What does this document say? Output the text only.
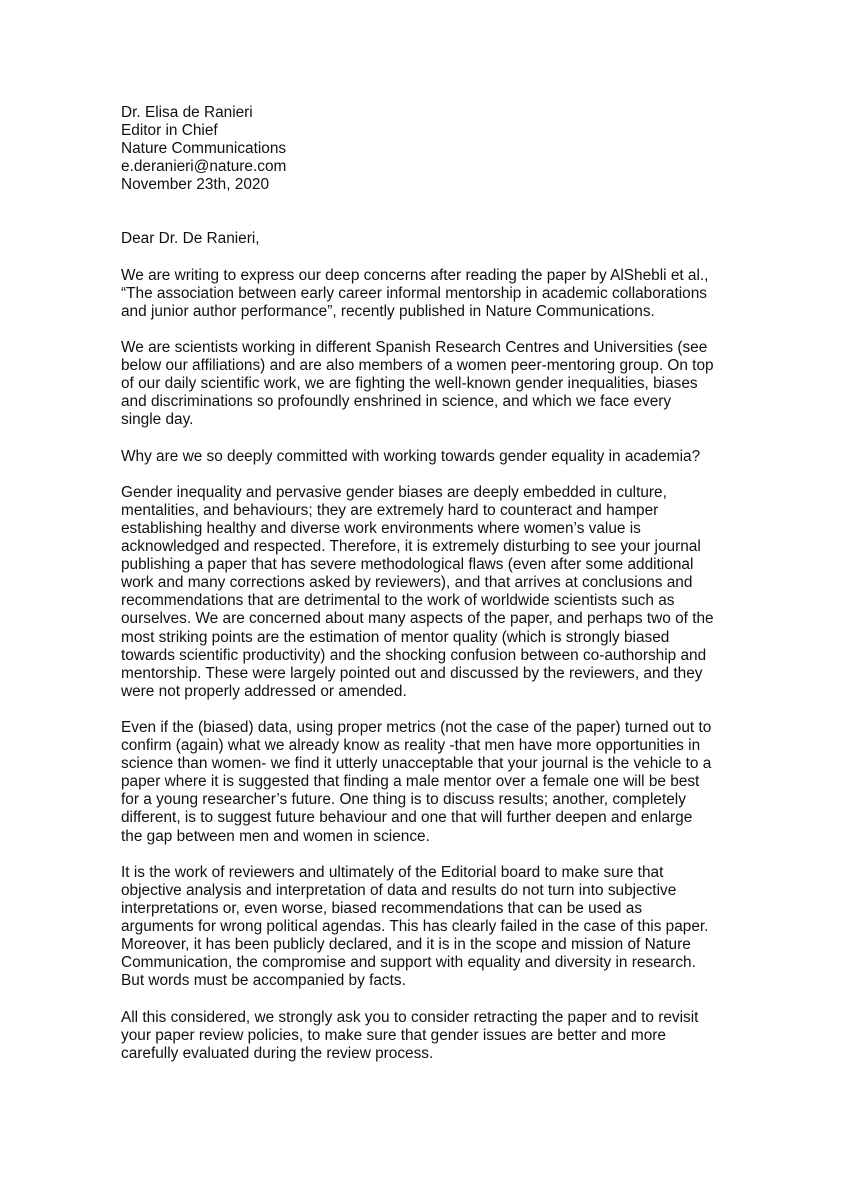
Dr. Elisa de Ranieri
Editor in Chief
Nature Communications
e.deranieri@nature.com
November 23th, 2020
Dear Dr. De Ranieri,

We are writing to express our deep concerns after reading the paper by AlShebli et al.,
“The association between early career informal mentorship in academic collaborations
and junior author performance”, recently published in Nature Communications.

We are scientists working in different Spanish Research Centres and Universities (see
below our affiliations) and are also members of a women peer-mentoring group. On top
of our daily scientific work, we are fighting the well-known gender inequalities, biases
and discriminations so profoundly enshrined in science, and which we face every
single day.

Why are we so deeply committed with working towards gender equality in academia?

Gender inequality and pervasive gender biases are deeply embedded in culture,
mentalities, and behaviours; they are extremely hard to counteract and hamper
establishing healthy and diverse work environments where women’s value is
acknowledged and respected. Therefore, it is extremely disturbing to see your journal
publishing a paper that has severe methodological flaws (even after some additional
work and many corrections asked by reviewers), and that arrives at conclusions and
recommendations that are detrimental to the work of worldwide scientists such as
ourselves. We are concerned about many aspects of the paper, and perhaps two of the
most striking points are the estimation of mentor quality (which is strongly biased
towards scientific productivity) and the shocking confusion between co-authorship and
mentorship. These were largely pointed out and discussed by the reviewers, and they
were not properly addressed or amended.

Even if the (biased) data, using proper metrics (not the case of the paper) turned out to
confirm (again) what we already know as reality -that men have more opportunities in
science than women- we find it utterly unacceptable that your journal is the vehicle to a
paper where it is suggested that finding a male mentor over a female one will be best
for a young researcher’s future. One thing is to discuss results; another, completely
different, is to suggest future behaviour and one that will further deepen and enlarge
the gap between men and women in science.

It is the work of reviewers and ultimately of the Editorial board to make sure that
objective analysis and interpretation of data and results do not turn into subjective
interpretations or, even worse, biased recommendations that can be used as
arguments for wrong political agendas. This has clearly failed in the case of this paper.
Moreover, it has been publicly declared, and it is in the scope and mission of Nature
Communication, the compromise and support with equality and diversity in research.
But words must be accompanied by facts.

All this considered, we strongly ask you to consider retracting the paper and to revisit
your paper review policies, to make sure that gender issues are better and more
carefully evaluated during the review process.
